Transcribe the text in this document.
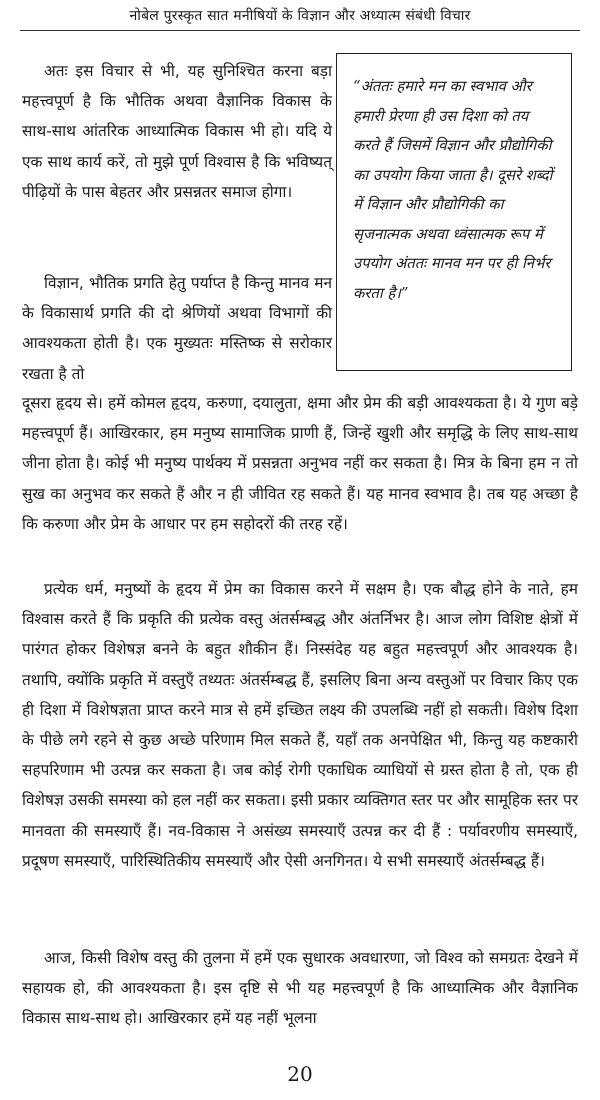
नोबेल पुरस्कृत सात मनीषियों के विज्ञान और अध्यात्म संबंधी विचार

अतः इस विचार से भी, यह सुनिश्चित करना बड़ा महत्त्वपूर्ण है कि भौतिक अथवा वैज्ञानिक विकास के साथ-साथ आंतरिक आध्यात्मिक विकास भी हो। यदि ये एक साथ कार्य करें, तो मुझे पूर्ण विश्वास है कि भविष्यत् पीढ़ियों के पास बेहतर और प्रसन्नतर समाज होगा।

विज्ञान, भौतिक प्रगति हेतु पर्याप्त है किन्तु मानव मन के विकासार्थ प्रगति की दो श्रेणियों अथवा विभागों की आवश्यकता होती है। एक मुख्यतः मस्तिष्क से सरोकार रखता है तो

दूसरा हृदय से। हमें कोमल हृदय, करुणा, दयालुता, क्षमा और प्रेम की बड़ी आवश्यकता है। ये गुण बड़े महत्त्वपूर्ण हैं। आखिरकार, हम मनुष्य सामाजिक प्राणी हैं, जिन्हें खुशी और समृद्धि के लिए साथ-साथ जीना होता है। कोई भी मनुष्य पार्थक्य में प्रसन्नता अनुभव नहीं कर सकता है। मित्र के बिना हम न तो सुख का अनुभव कर सकते हैं और न ही जीवित रह सकते हैं। यह मानव स्वभाव है। तब यह अच्छा है कि करुणा और प्रेम के आधार पर हम सहोदरों की तरह रहें।

प्रत्येक धर्म, मनुष्यों के हृदय में प्रेम का विकास करने में सक्षम है। एक बौद्ध होने के नाते, हम विश्वास करते हैं कि प्रकृति की प्रत्येक वस्तु अंतर्सम्बद्ध और अंतर्निभर है। आज लोग विशिष्ट क्षेत्रों में पारंगत होकर विशेषज्ञ बनने के बहुत शौकीन हैं। निस्संदेह यह बहुत महत्त्वपूर्ण और आवश्यक है। तथापि, क्योंकि प्रकृति में वस्तुएँ तथ्यतः अंतर्सम्बद्ध हैं, इसलिए बिना अन्य वस्तुओं पर विचार किए एक ही दिशा में विशेषज्ञता प्राप्त करने मात्र से हमें इच्छित लक्ष्य की उपलब्धि नहीं हो सकती। विशेष दिशा के पीछे लगे रहने से कुछ अच्छे परिणाम मिल सकते हैं, यहाँ तक अनपेक्षित भी, किन्तु यह कष्टकारी सहपरिणाम भी उत्पन्न कर सकता है। जब कोई रोगी एकाधिक व्याधियों से ग्रस्त होता है तो, एक ही विशेषज्ञ उसकी समस्या को हल नहीं कर सकता। इसी प्रकार व्यक्तिगत स्तर पर और सामूहिक स्तर पर मानवता की समस्याएँ हैं। नव-विकास ने असंख्य समस्याएँ उत्पन्न कर दी हैं : पर्यावरणीय समस्याएँ, प्रदूषण समस्याएँ, पारिस्थितिकीय समस्याएँ और ऐसी अनगिनत। ये सभी समस्याएँ अंतर्सम्बद्ध हैं।

आज, किसी विशेष वस्तु की तुलना में हमें एक सुधारक अवधारणा, जो विश्व को समग्रतः देखने में सहायक हो, की आवश्यकता है। इस दृष्टि से भी यह महत्त्वपूर्ण है कि आध्यात्मिक और वैज्ञानिक विकास साथ-साथ हो। आखिरकार हमें यह नहीं भूलना

“अंततः हमारे मन का स्वभाव और हमारी प्रेरणा ही उस दिशा को तय करते हैं जिसमें विज्ञान और प्रौद्योगिकी का उपयोग किया जाता है। दूसरे शब्दों में विज्ञान और प्रौद्योगिकी का सृजनात्मक अथवा ध्वंसात्मक रूप में उपयोग अंततः मानव मन पर ही निर्भर करता है।”

20
